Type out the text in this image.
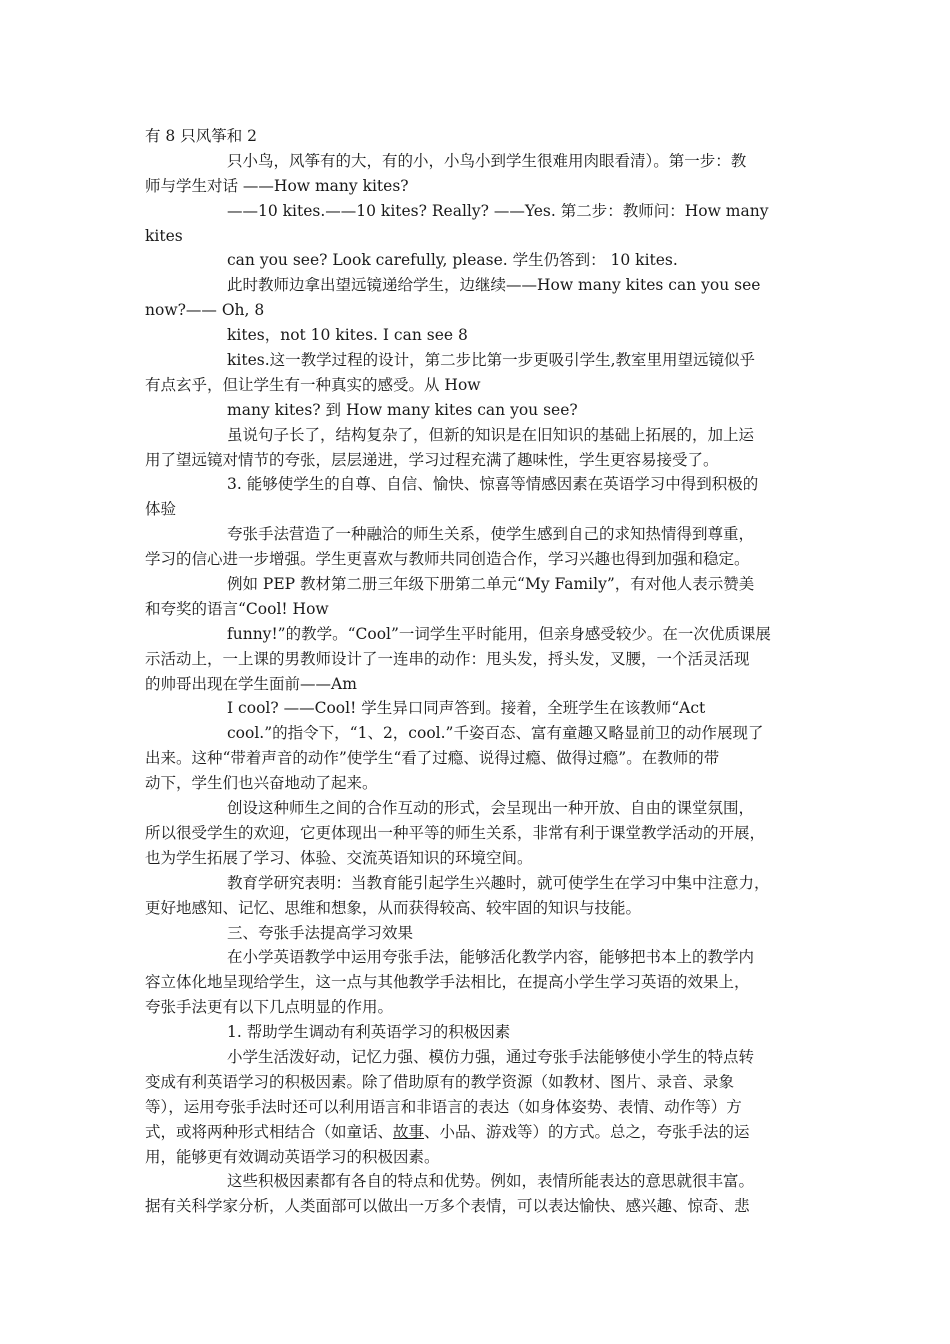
有 8 只风筝和 2
只小鸟，风筝有的大，有的小，小鸟小到学生很难用肉眼看清）。第一步：教
师与学生对话 ——How many kites?
——10 kites.——10 kites? Really? ——Yes. 第二步：教师问：How many
kites
can you see? Look carefully, please. 学生仍答到： 10 kites.
此时教师边拿出望远镜递给学生，边继续——How many kites can you see
now?—— Oh, 8
kites，not 10 kites. I can see 8
kites.这一教学过程的设计，第二步比第一步更吸引学生,教室里用望远镜似乎
有点玄乎，但让学生有一种真实的感受。从 How
many kites? 到 How many kites can you see?
虽说句子长了，结构复杂了，但新的知识是在旧知识的基础上拓展的，加上运
用了望远镜对情节的夸张，层层递进，学习过程充满了趣味性，学生更容易接受了。
3. 能够使学生的自尊、自信、愉快、惊喜等情感因素在英语学习中得到积极的
体验
夸张手法营造了一种融洽的师生关系，使学生感到自己的求知热情得到尊重，
学习的信心进一步增强。学生更喜欢与教师共同创造合作，学习兴趣也得到加强和稳定。
例如 PEP 教材第二册三年级下册第二单元“My Family”，有对他人表示赞美
和夸奖的语言“Cool! How
funny!”的教学。“Cool”一词学生平时能用，但亲身感受较少。在一次优质课展
示活动上，一上课的男教师设计了一连串的动作：甩头发，捋头发，叉腰，一个活灵活现
的帅哥出现在学生面前——Am
I cool? ——Cool! 学生异口同声答到。接着，全班学生在该教师“Act
cool.”的指令下，“1、2，cool.”千姿百态、富有童趣又略显前卫的动作展现了
出来。这种“带着声音的动作”使学生“看了过瘾、说得过瘾、做得过瘾”。在教师的带
动下，学生们也兴奋地动了起来。
创设这种师生之间的合作互动的形式，会呈现出一种开放、自由的课堂氛围，
所以很受学生的欢迎，它更体现出一种平等的师生关系，非常有利于课堂教学活动的开展，
也为学生拓展了学习、体验、交流英语知识的环境空间。
教育学研究表明：当教育能引起学生兴趣时，就可使学生在学习中集中注意力，
更好地感知、记忆、思维和想象，从而获得较高、较牢固的知识与技能。
三、夸张手法提高学习效果
在小学英语教学中运用夸张手法，能够活化教学内容，能够把书本上的教学内
容立体化地呈现给学生，这一点与其他教学手法相比，在提高小学生学习英语的效果上，
夸张手法更有以下几点明显的作用。
1. 帮助学生调动有利英语学习的积极因素
小学生活泼好动，记忆力强、模仿力强，通过夸张手法能够使小学生的特点转
变成有利英语学习的积极因素。除了借助原有的教学资源（如教材、图片、录音、录象
等），运用夸张手法时还可以利用语言和非语言的表达（如身体姿势、表情、动作等）方
式，或将两种形式相结合（如童话、故事、小品、游戏等）的方式。总之，夸张手法的运
用，能够更有效调动英语学习的积极因素。
这些积极因素都有各自的特点和优势。例如，表情所能表达的意思就很丰富。
据有关科学家分析，人类面部可以做出一万多个表情，可以表达愉快、感兴趣、惊奇、悲
